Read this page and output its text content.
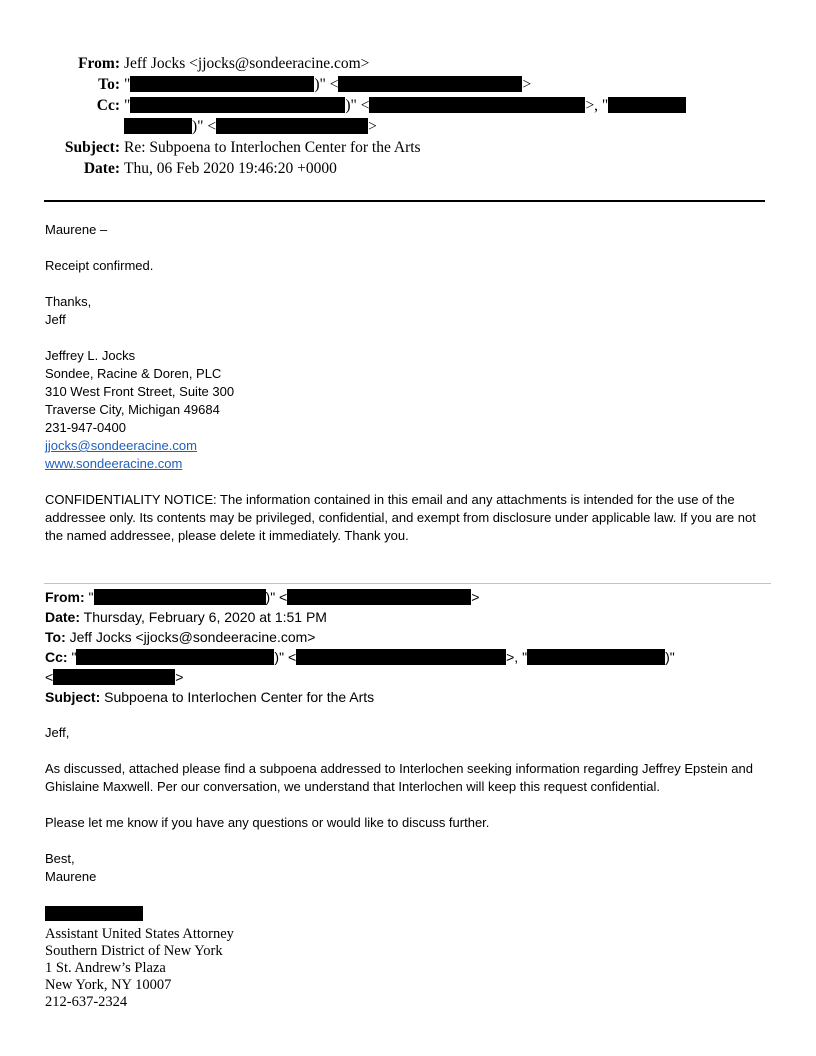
From: Jeff Jocks <jjocks@sondeeracine.com>
To: "	)" <	>
Cc: "	)" <	>, "
)" <	>
Subject: Re: Subpoena to Interlochen Center for the Arts
Date: Thu, 06 Feb 2020 19:46:20 +0000

Maurene –

Receipt confirmed.

Thanks,

Jeff

Jeffrey L. Jocks

Sondee, Racine & Doren, PLC

310 West Front Street, Suite 300

Traverse City, Michigan 49684

231-947-0400

jjocks@sondeeracine.com

www.sondeeracine.com

CONFIDENTIALITY NOTICE: The information contained in this email and any attachments is intended for the use of the addressee only. Its contents may be privileged, confidential, and exempt from disclosure under applicable law. If you are not the named addressee, please delete it immediately. Thank you.

From: "	)" <	>
Date: Thursday, February 6, 2020 at 1:51 PM
To: Jeff Jocks <jjocks@sondeeracine.com>
Cc: "	)" <	>, "	)"
<	>
Subject: Subpoena to Interlochen Center for the Arts

Jeff,

As discussed, attached please find a subpoena addressed to Interlochen seeking information regarding Jeffrey Epstein and Ghislaine Maxwell. Per our conversation, we understand that Interlochen will keep this request confidential.

Please let me know if you have any questions or would like to discuss further.

Best,

Maurene

Assistant United States Attorney
Southern District of New York
1 St. Andrew’s Plaza
New York, NY 10007
212-637-2324
